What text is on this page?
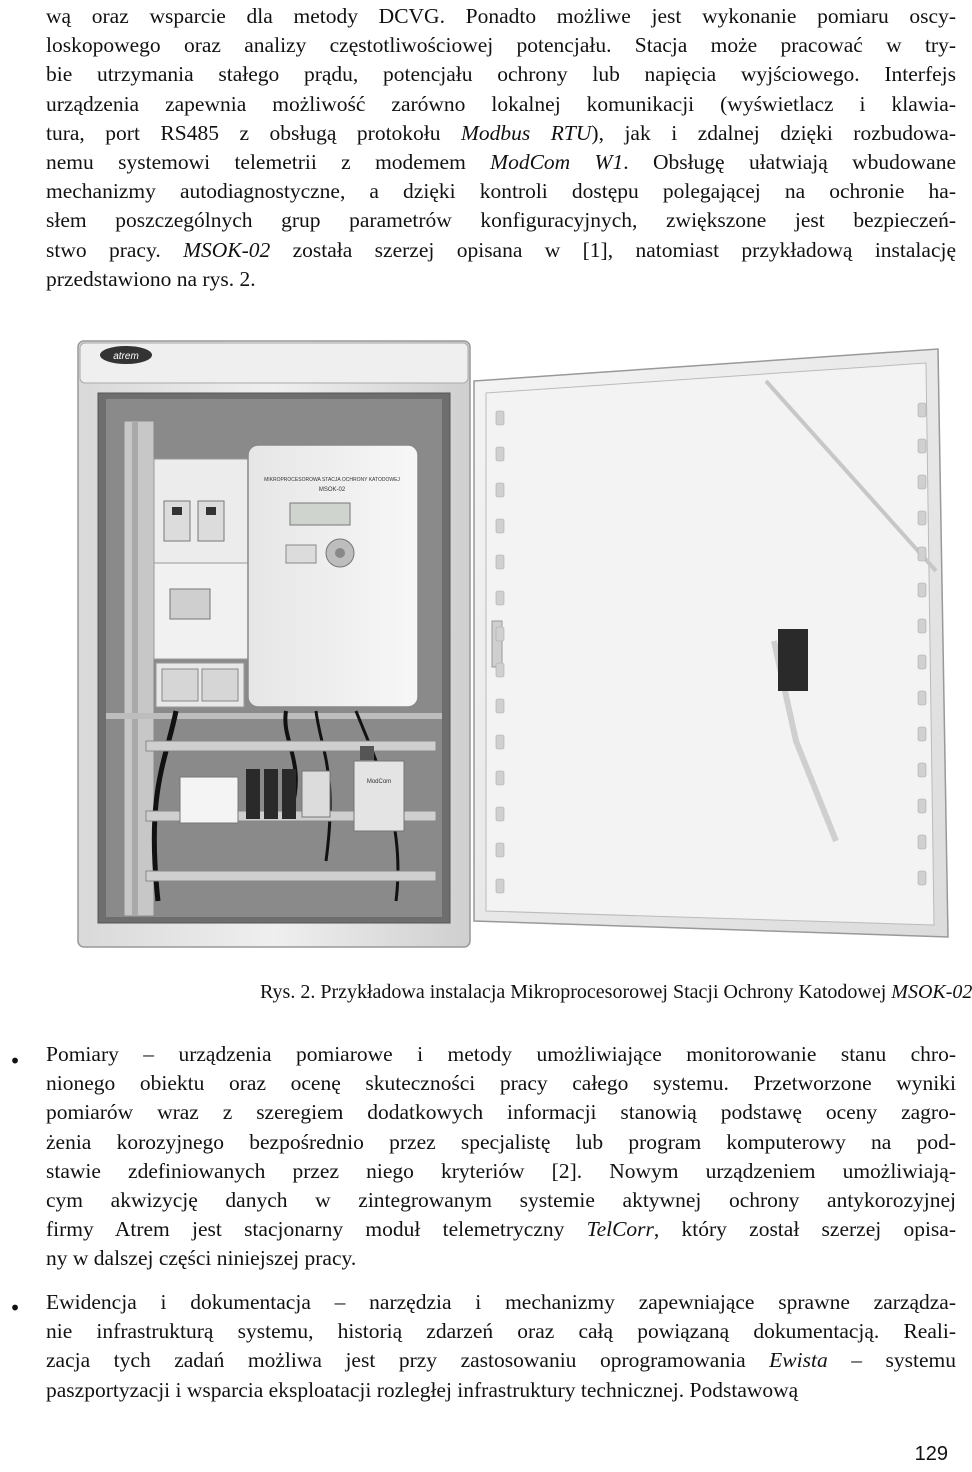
wą oraz wsparcie dla metody DCVG. Ponadto możliwe jest wykonanie pomiaru oscy-
loskopowego oraz analizy częstotliwościowej potencjału. Stacja może pracować w try-
bie utrzymania stałego prądu, potencjału ochrony lub napięcia wyjściowego. Interfejs
urządzenia zapewnia możliwość zarówno lokalnej komunikacji (wyświetlacz i klawia-
tura, port RS485 z obsługą protokołu Modbus RTU), jak i zdalnej dzięki rozbudowa-
nemu systemowi telemetrii z modemem ModCom W1. Obsługę ułatwiają wbudowane
mechanizmy autodiagnostyczne, a dzięki kontroli dostępu polegającej na ochronie ha-
słem poszczególnych grup parametrów konfiguracyjnych, zwiększone jest bezpieczeń-
stwo pracy. MSOK-02 została szerzej opisana w [1], natomiast przykładową instalację
przedstawiono na rys. 2.
atrem
MIKROPROCESOROWA STACJA OCHRONY KATODOWEJ
MSOK-02
ModCom
Rys. 2. Przykładowa instalacja Mikroprocesorowej Stacji Ochrony Katodowej MSOK-02
• Pomiary – urządzenia pomiarowe i metody umożliwiające monitorowanie stanu chro-
nionego obiektu oraz ocenę skuteczności pracy całego systemu. Przetworzone wyniki
pomiarów wraz z szeregiem dodatkowych informacji stanowią podstawę oceny zagro-
żenia korozyjnego bezpośrednio przez specjalistę lub program komputerowy na pod-
stawie zdefiniowanych przez niego kryteriów [2]. Nowym urządzeniem umożliwiają-
cym akwizycję danych w zintegrowanym systemie aktywnej ochrony antykorozyjnej
firmy Atrem jest stacjonarny moduł telemetryczny TelCorr, który został szerzej opisa-
ny w dalszej części niniejszej pracy.
• Ewidencja i dokumentacja – narzędzia i mechanizmy zapewniające sprawne zarządza-
nie infrastrukturą systemu, historią zdarzeń oraz całą powiązaną dokumentacją. Reali-
zacja tych zadań możliwa jest przy zastosowaniu oprogramowania Ewista – systemu
paszportyzacji i wsparcia eksploatacji rozległej infrastruktury technicznej. Podstawową
129
